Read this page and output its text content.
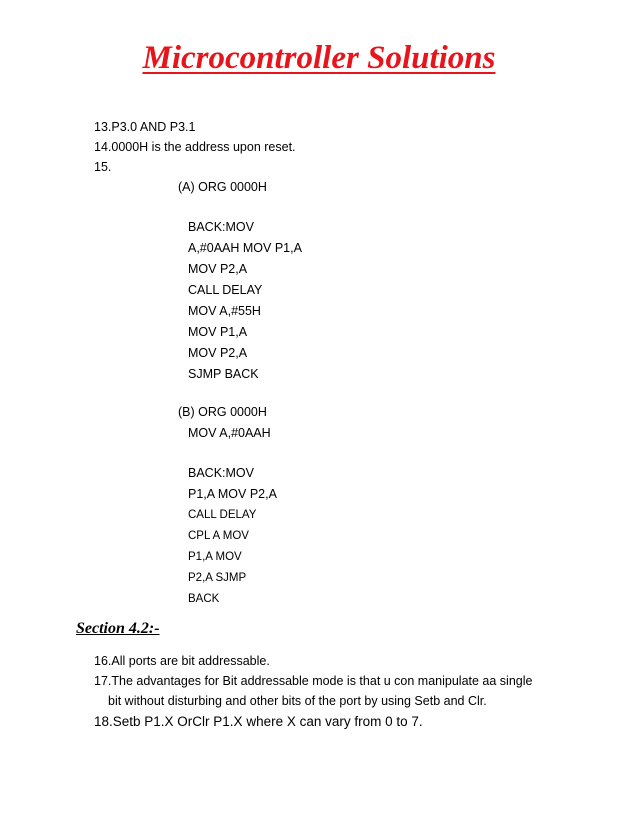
Microcontroller Solutions
13.P3.0 AND P3.1
14.0000H is the address upon reset.
15.
(A) ORG 0000H
BACK:MOV
A,#0AAH MOV P1,A
MOV P2,A
CALL DELAY
MOV A,#55H
MOV P1,A
MOV P2,A
SJMP BACK
(B) ORG 0000H
MOV A,#0AAH
BACK:MOV
P1,A MOV P2,A
CALL DELAY
CPL A MOV
P1,A MOV
P2,A SJMP
BACK
Section 4.2:-
16.All ports are bit addressable.
17.The advantages for Bit addressable mode is that u con manipulate aa single
bit without disturbing and other bits of the port by using Setb and Clr.
18.Setb P1.X OrClr P1.X where X can vary from 0 to 7.
